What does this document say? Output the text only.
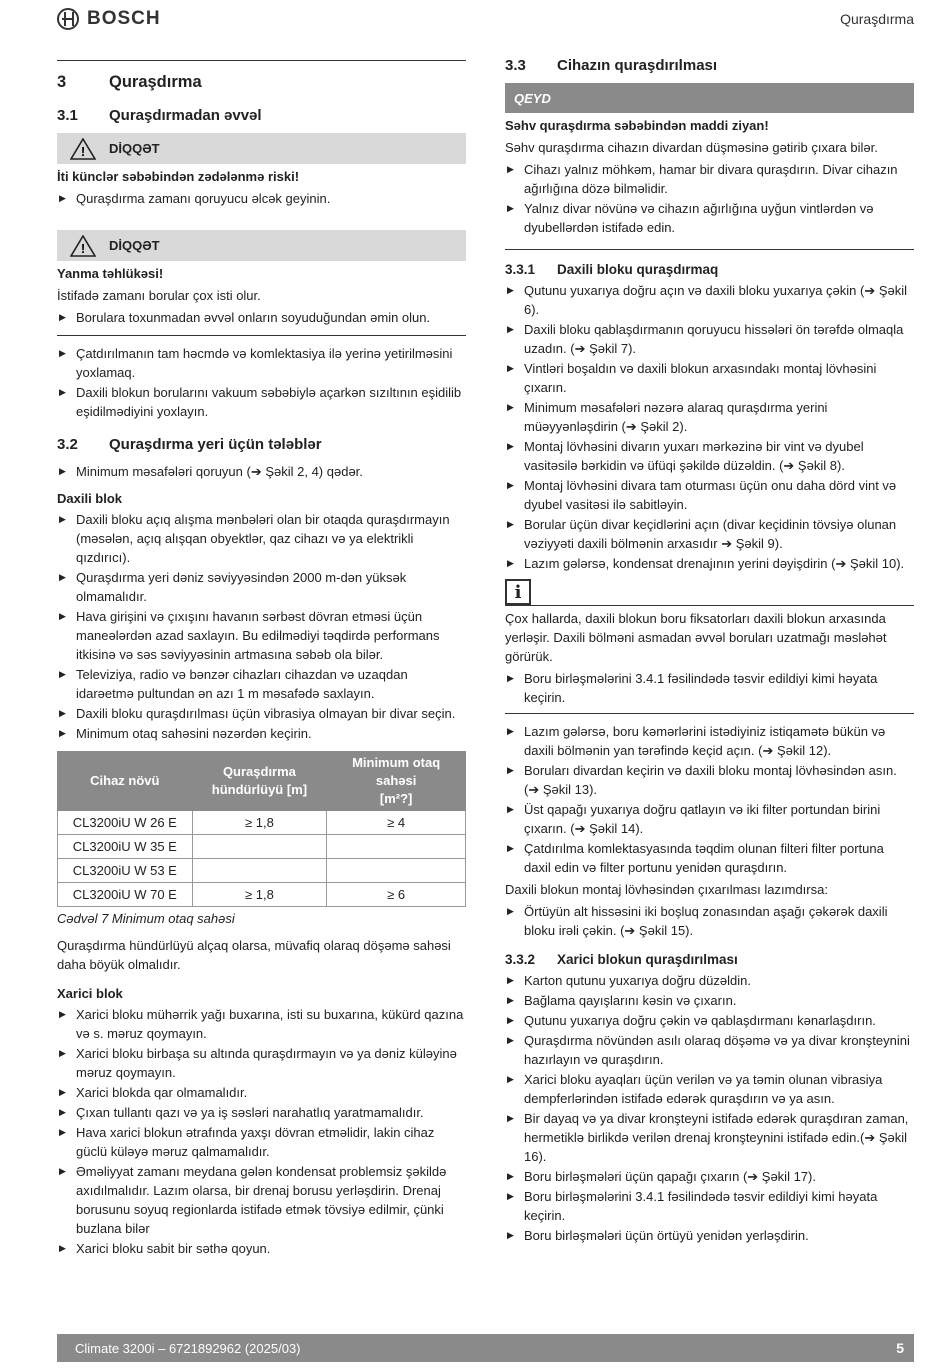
BOSCH	Quraşdırma
3	Quraşdırma
3.1	Quraşdırmadan əvvəl
! DİQQƏT
İti künclər səbəbindən zədələnmə riski!
▶ Quraşdırma zamanı qoruyucu əlcək geyinin.
! DİQQƏT
Yanma təhlükəsi!
İstifadə zamanı borular çox isti olur.
▶ Borulara toxunmadan əvvəl onların soyuduğundan əmin olun.
▶ Çatdırılmanın tam həcmdə və komlektasiya ilə yerinə yetirilməsini yoxlamaq.
▶ Daxili blokun borularını vakuum səbəbiylə açarkən sızıltının eşidilib eşidilmədiyini yoxlayın.
3.2	Quraşdırma yeri üçün tələblər
▶ Minimum məsafələri qoruyun (➔ Şəkil 2, 4) qədər.
Daxili blok
▶ Daxili bloku açıq alışma mənbələri olan bir otaqda quraşdırmayın (məsələn, açıq alışqan obyektlər, qaz cihazı və ya elektrikli qızdırıcı).
▶ Quraşdırma yeri dəniz səviyyəsindən 2000 m-dən yüksək olmamalıdır.
▶ Hava girişini və çıxışını havanın sərbəst dövran etməsi üçün maneələrdən azad saxlayın. Bu edilmədiyi təqdirdə performans itkisinə və səs səviyyəsinin artmasına səbəb ola bilər.
▶ Televiziya, radio və bənzər cihazları cihazdan və uzaqdan idarəetmə pultundan ən azı 1 m məsafədə saxlayın.
▶ Daxili bloku quraşdırılması üçün vibrasiya olmayan bir divar seçin.
▶ Minimum otaq sahəsini nəzərdən keçirin.
Cihaz növü	Quraşdırma hündürlüyü [m]	Minimum otaq sahəsi
[m²?]
CL3200iU W 26 E	≥ 1,8	≥ 4
CL3200iU W 35 E		
CL3200iU W 53 E		
CL3200iU W 70 E	≥ 1,8	≥ 6
Cədvəl 7 Minimum otaq sahəsi
Quraşdırma hündürlüyü alçaq olarsa, müvafiq olaraq döşəmə sahəsi daha böyük olmalıdır.
Xarici blok
▶ Xarici bloku mühərrik yağı buxarına, isti su buxarına, kükürd qazına və s. məruz qoymayın.
▶ Xarici bloku birbaşa su altında quraşdırmayın və ya dəniz küləyinə məruz qoymayın.
▶ Xarici blokda qar olmamalıdır.
▶ Çıxan tullantı qazı və ya iş səsləri narahatlıq yaratmamalıdır.
▶ Hava xarici blokun ətrafında yaxşı dövran etməlidir, lakin cihaz güclü küləyə məruz qalmamalıdır.
▶ Əməliyyat zamanı meydana gələn kondensat problemsiz şəkildə axıdılmalıdır. Lazım olarsa, bir drenaj borusu yerləşdirin. Drenaj borusunu soyuq regionlarda istifadə etmək tövsiyə edilmir, çünki buzlana bilər
▶ Xarici bloku sabit bir səthə qoyun.
3.3	Cihazın quraşdırılması
QEYD
Səhv quraşdırma səbəbindən maddi ziyan!
Səhv quraşdırma cihazın divardan düşməsinə gətirib çıxara bilər.
▶ Cihazı yalnız möhkəm, hamar bir divara quraşdırın. Divar cihazın ağırlığına dözə bilməlidir.
▶ Yalnız divar növünə və cihazın ağırlığına uyğun vintlərdən və dyubellərdən istifadə edin.
3.3.1	Daxili bloku quraşdırmaq
▶ Qutunu yuxarıya doğru açın və daxili bloku yuxarıya çəkin (➔ Şəkil 6).
▶ Daxili bloku qablaşdırmanın qoruyucu hissələri ön tərəfdə olmaqla uzadın. (➔ Şəkil 7).
▶ Vintləri boşaldın və daxili blokun arxasındakı montaj lövhəsini çıxarın.
▶ Minimum məsafələri nəzərə alaraq quraşdırma yerini müəyyənləşdirin (➔ Şəkil 2).
▶ Montaj lövhəsini divarın yuxarı mərkəzinə bir vint və dyubel vasitəsilə bərkidin və üfüqi şəkildə düzəldin. (➔ Şəkil 8).
▶ Montaj lövhəsini divara tam oturması üçün onu daha dörd vint və dyubel vasitəsi ilə sabitləyin.
▶ Borular üçün divar keçidlərini açın (divar keçidinin tövsiyə olunan vəziyyəti daxili bölmənin arxasıdır ➔ Şəkil 9).
▶ Lazım gələrsə, kondensat drenajının yerini dəyişdirin (➔ Şəkil 10).
i
Çox hallarda, daxili blokun boru fiksatorları daxili blokun arxasında yerləşir. Daxili bölməni asmadan əvvəl boruları uzatmağı məsləhət görürük.
▶ Boru birləşmələrini 3.4.1 fəsilindədə təsvir edildiyi kimi həyata keçirin.
▶ Lazım gələrsə, boru kəmərlərini istədiyiniz istiqamətə bükün və daxili bölmənin yan tərəfində keçid açın. (➔ Şəkil 12).
▶ Boruları divardan keçirin və daxili bloku montaj lövhəsindən asın. (➔ Şəkil 13).
▶ Üst qapağı yuxarıya doğru qatlayın və iki filter portundan birini çıxarın. (➔ Şəkil 14).
▶ Çatdırılma komlektasyasında təqdim olunan filteri filter portuna daxil edin və filter portunu yenidən quraşdırın.
Daxili blokun montaj lövhəsindən çıxarılması lazımdırsa:
▶ Örtüyün alt hissəsini iki boşluq zonasından aşağı çəkərək daxili bloku irəli çəkin. (➔ Şəkil 15).
3.3.2	Xarici blokun quraşdırılması
▶ Karton qutunu yuxarıya doğru düzəldin.
▶ Bağlama qayışlarını kəsin və çıxarın.
▶ Qutunu yuxarıya doğru çəkin və qablaşdırmanı kənarlaşdırın.
▶ Quraşdırma növündən asılı olaraq döşəmə və ya divar kronşteynini hazırlayın və quraşdırın.
▶ Xarici bloku ayaqları üçün verilən və ya təmin olunan vibrasiya dempferlərindən istifadə edərək quraşdırın və ya asın.
▶ Bir dayaq və ya divar kronşteyni istifadə edərək quraşdıran zaman, hermetiklə birlikdə verilən drenaj kronşteynini istifadə edin.(➔ Şəkil 16).
▶ Boru birləşmələri üçün qapağı çıxarın (➔ Şəkil 17).
▶ Boru birləşmələrini 3.4.1 fəsilindədə təsvir edildiyi kimi həyata keçirin.
▶ Boru birləşmələri üçün örtüyü yenidən yerləşdirin.
Climate 3200i – 6721892962 (2025/03)	5
